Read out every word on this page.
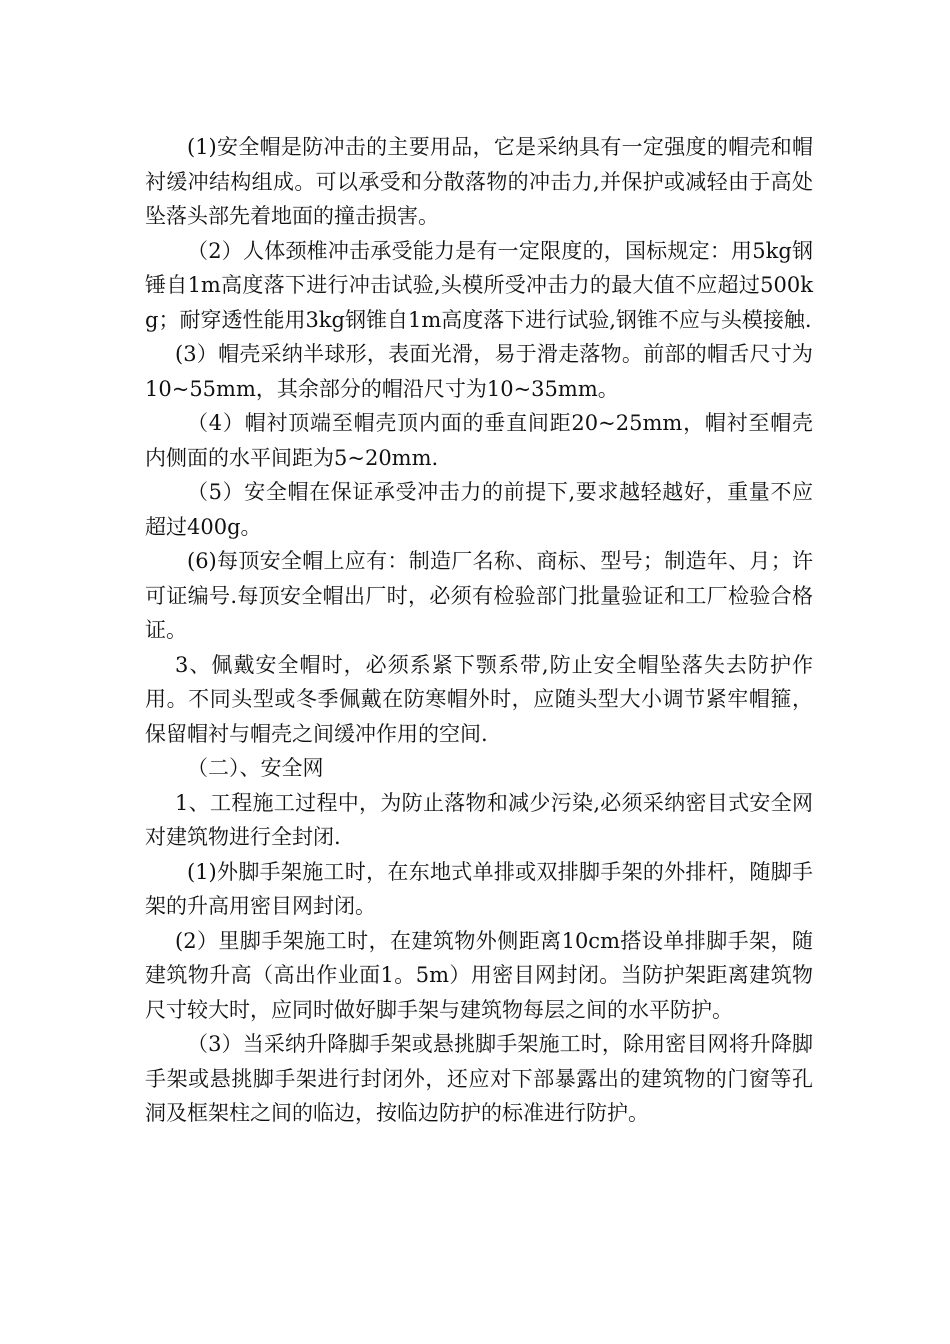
(1)安全帽是防冲击的主要用品，它是采纳具有一定强度的帽壳和帽衬缓冲结构组成。可以承受和分散落物的冲击力,并保护或减轻由于高处坠落头部先着地面的撞击损害。

（2）人体颈椎冲击承受能力是有一定限度的，国标规定：用5kg钢锤自1m高度落下进行冲击试验,头模所受冲击力的最大值不应超过500kg；耐穿透性能用3kg钢锥自1m高度落下进行试验,钢锥不应与头模接触.

(3）帽壳采纳半球形，表面光滑，易于滑走落物。前部的帽舌尺寸为10~55mm，其余部分的帽沿尺寸为10~35mm。

（4）帽衬顶端至帽壳顶内面的垂直间距20~25mm，帽衬至帽壳内侧面的水平间距为5~20mm.

（5）安全帽在保证承受冲击力的前提下,要求越轻越好，重量不应超过400g。

(6)每顶安全帽上应有：制造厂名称、商标、型号；制造年、月；许可证编号.每顶安全帽出厂时，必须有检验部门批量验证和工厂检验合格证。

3、佩戴安全帽时，必须系紧下颚系带,防止安全帽坠落失去防护作用。不同头型或冬季佩戴在防寒帽外时，应随头型大小调节紧牢帽箍，保留帽衬与帽壳之间缓冲作用的空间.

（二）、安全网

1、工程施工过程中，为防止落物和减少污染,必须采纳密目式安全网对建筑物进行全封闭.

(1)外脚手架施工时，在东地式单排或双排脚手架的外排杆，随脚手架的升高用密目网封闭。

(2）里脚手架施工时，在建筑物外侧距离10cm搭设单排脚手架，随建筑物升高（高出作业面1。5m）用密目网封闭。当防护架距离建筑物尺寸较大时，应同时做好脚手架与建筑物每层之间的水平防护。

（3）当采纳升降脚手架或悬挑脚手架施工时，除用密目网将升降脚手架或悬挑脚手架进行封闭外，还应对下部暴露出的建筑物的门窗等孔洞及框架柱之间的临边，按临边防护的标准进行防护。
